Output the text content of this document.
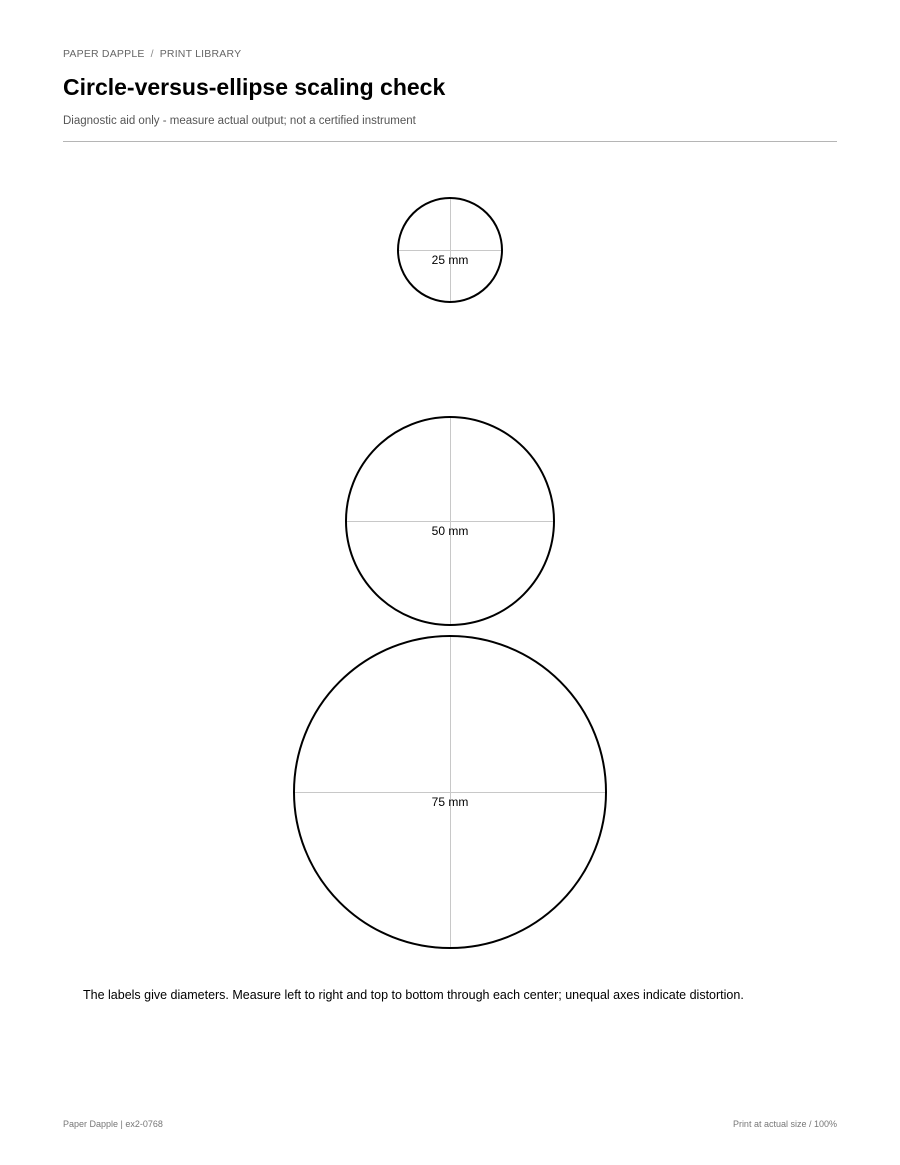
PAPER DAPPLE / PRINT LIBRARY
Circle-versus-ellipse scaling check
Diagnostic aid only - measure actual output; not a certified instrument
25 mm
50 mm
75 mm
The labels give diameters. Measure left to right and top to bottom through each center; unequal axes indicate distortion.
Paper Dapple | ex2-0768	Print at actual size / 100%
